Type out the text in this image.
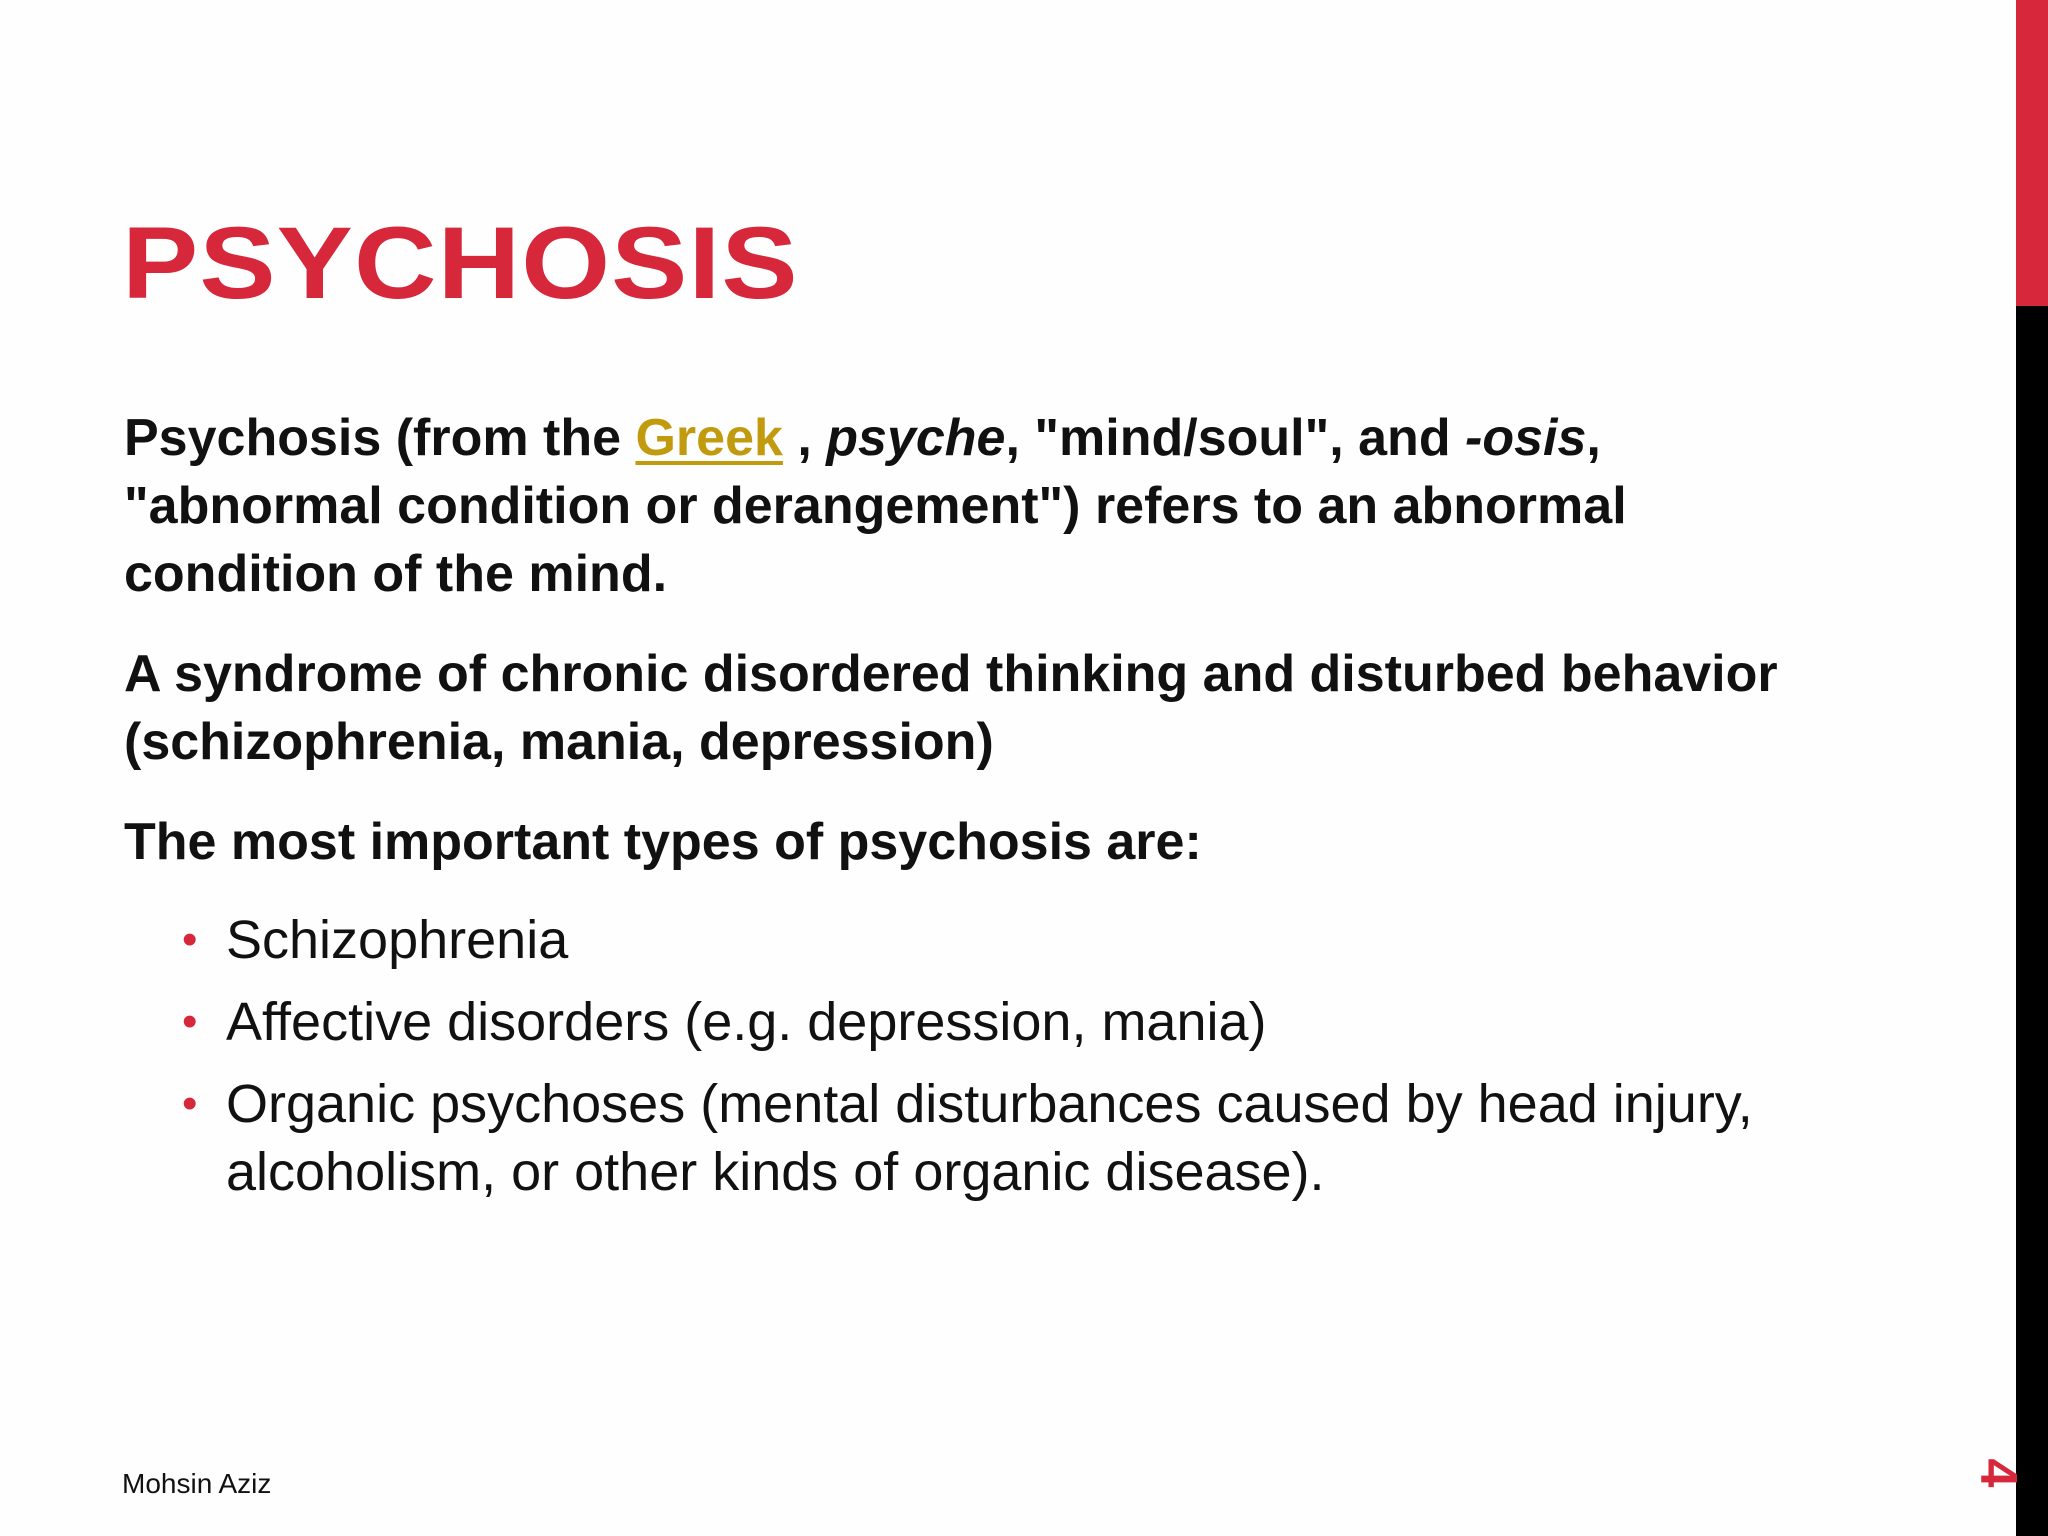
PSYCHOSIS

Psychosis (from the Greek , psyche, "mind/soul", and -osis, "abnormal condition or derangement") refers to an abnormal condition of the mind.

A syndrome of chronic disordered thinking and disturbed behavior (schizophrenia, mania, depression)

The most important types of psychosis are:

• Schizophrenia
• Affective disorders (e.g. depression, mania)
• Organic psychoses (mental disturbances caused by head injury, alcoholism, or other kinds of organic disease).
Mohsin Aziz	4
